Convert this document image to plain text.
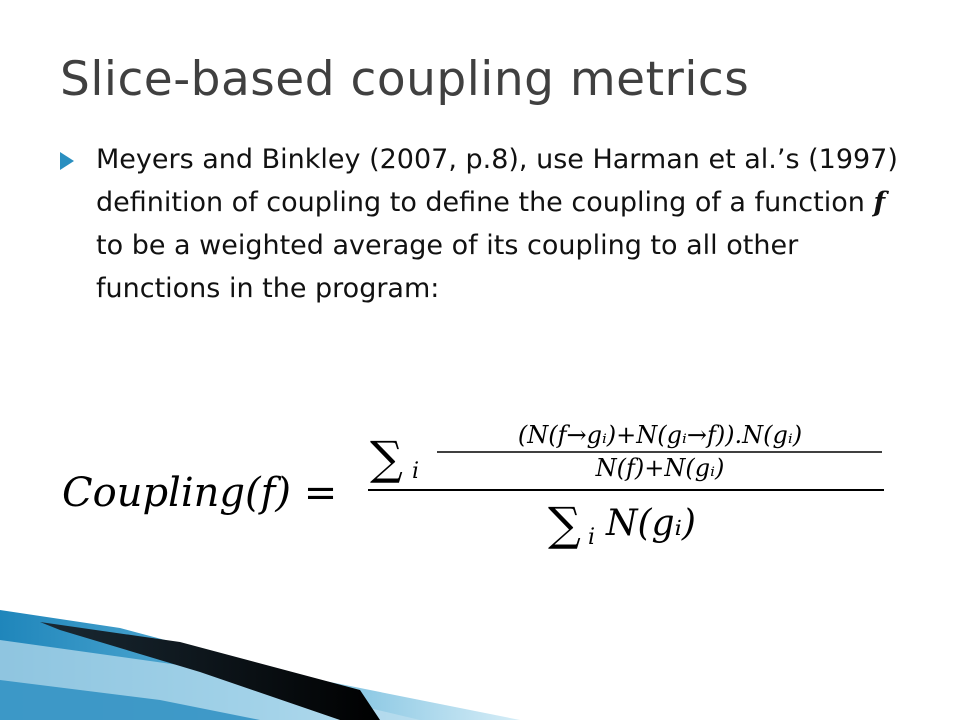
Slice-based coupling metrics
Meyers and Binkley (2007, p.8), use Harman et al.’s (1997) definition of coupling to define the coupling of a function f to be a weighted average of its coupling to all other functions in the program:
Coupling(f) =
∑ i
(N(f→gᵢ)+N(gᵢ→f)).N(gᵢ)
N(f)+N(gᵢ)
∑ i N(gᵢ)
